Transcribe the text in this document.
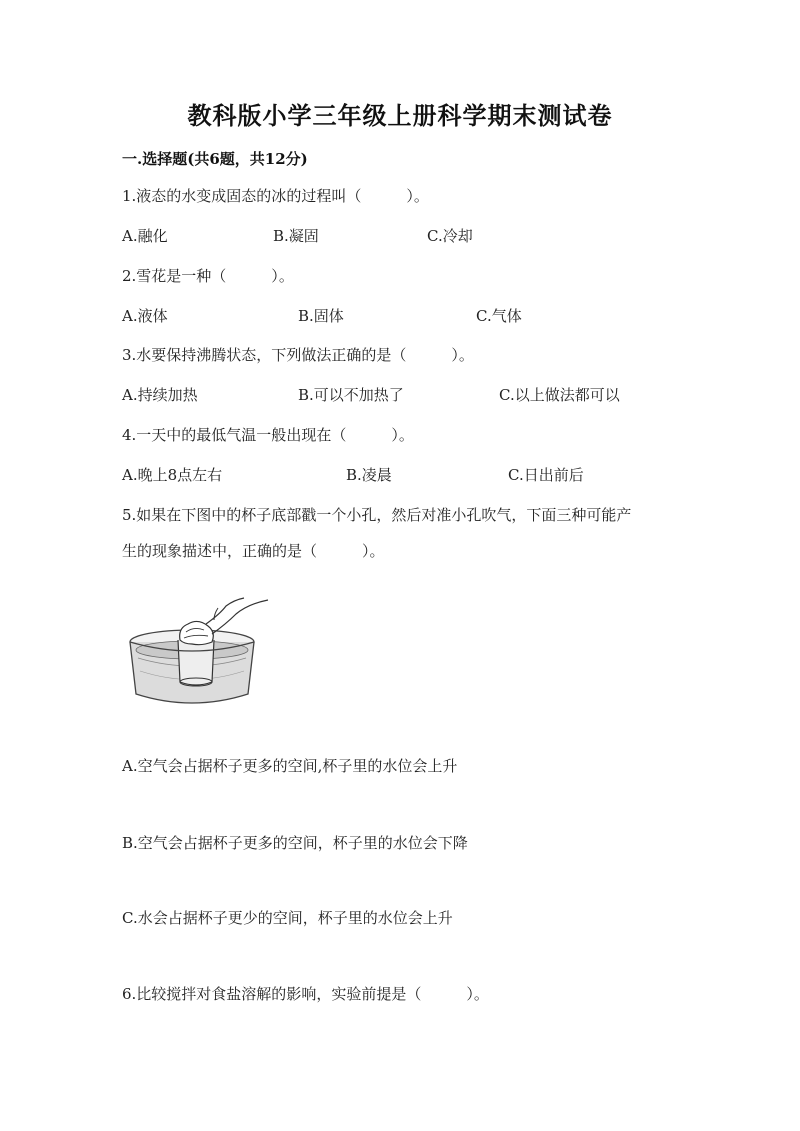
教科版小学三年级上册科学期末测试卷
一.选择题(共6题，共12分)
1.液态的水变成固态的冰的过程叫（　　　）。
A.融化	B.凝固	C.冷却
2.雪花是一种（　　　）。
A.液体	B.固体	C.气体
3.水要保持沸腾状态，下列做法正确的是（　　　）。
A.持续加热	B.可以不加热了	C.以上做法都可以
4.一天中的最低气温一般出现在（　　　）。
A.晚上8点左右	B.凌晨	C.日出前后
5.如果在下图中的杯子底部戳一个小孔，然后对准小孔吹气，下面三种可能产
生的现象描述中，正确的是（　　　）。
A.空气会占据杯子更多的空间,杯子里的水位会上升
B.空气会占据杯子更多的空间，杯子里的水位会下降
C.水会占据杯子更少的空间，杯子里的水位会上升
6.比较搅拌对食盐溶解的影响，实验前提是（　　　）。
